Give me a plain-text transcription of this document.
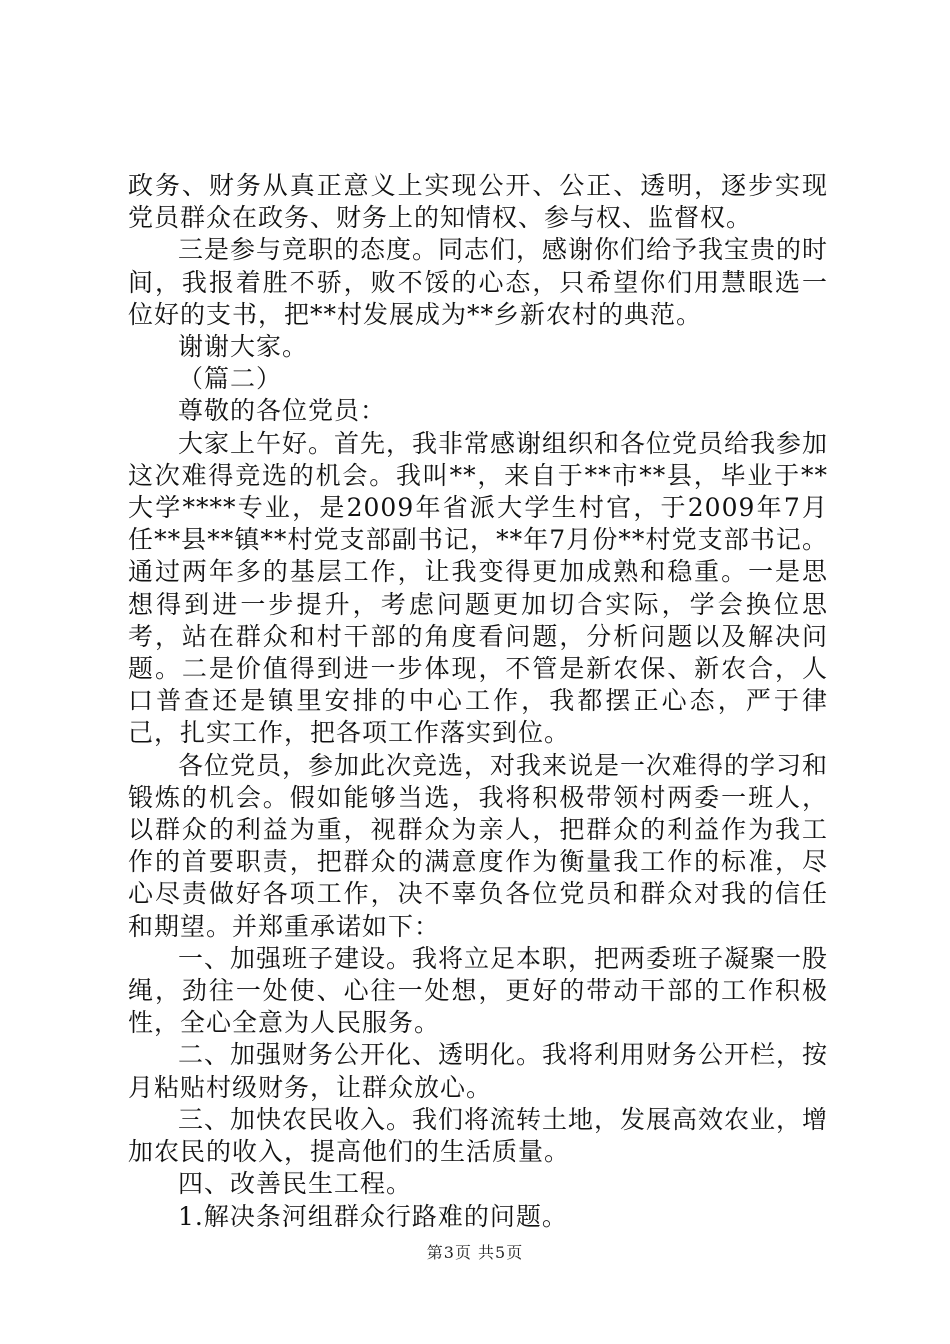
政务、财务从真正意义上实现公开、公正、透明，逐步实现党员群众在政务、财务上的知情权、参与权、监督权。

三是参与竞职的态度。同志们，感谢你们给予我宝贵的时间，我报着胜不骄，败不馁的心态，只希望你们用慧眼选一位好的支书，把**村发展成为**乡新农村的典范。

谢谢大家。

（篇二）

尊敬的各位党员：

大家上午好。首先，我非常感谢组织和各位党员给我参加这次难得竞选的机会。我叫**，来自于**市**县，毕业于**大学****专业，是2009年省派大学生村官，于2009年7月任**县**镇**村党支部副书记，**年7月份**村党支部书记。通过两年多的基层工作，让我变得更加成熟和稳重。一是思想得到进一步提升，考虑问题更加切合实际，学会换位思考，站在群众和村干部的角度看问题，分析问题以及解决问题。二是价值得到进一步体现，不管是新农保、新农合，人口普查还是镇里安排的中心工作，我都摆正心态，严于律己，扎实工作，把各项工作落实到位。

各位党员，参加此次竞选，对我来说是一次难得的学习和锻炼的机会。假如能够当选，我将积极带领村两委一班人，以群众的利益为重，视群众为亲人，把群众的利益作为我工作的首要职责，把群众的满意度作为衡量我工作的标准，尽心尽责做好各项工作，决不辜负各位党员和群众对我的信任和期望。并郑重承诺如下：

一、加强班子建设。我将立足本职，把两委班子凝聚一股绳，劲往一处使、心往一处想，更好的带动干部的工作积极性，全心全意为人民服务。

二、加强财务公开化、透明化。我将利用财务公开栏，按月粘贴村级财务，让群众放心。

三、加快农民收入。我们将流转土地，发展高效农业，增加农民的收入，提高他们的生活质量。

四、改善民生工程。

1.解决条河组群众行路难的问题。

第3页 共5页
